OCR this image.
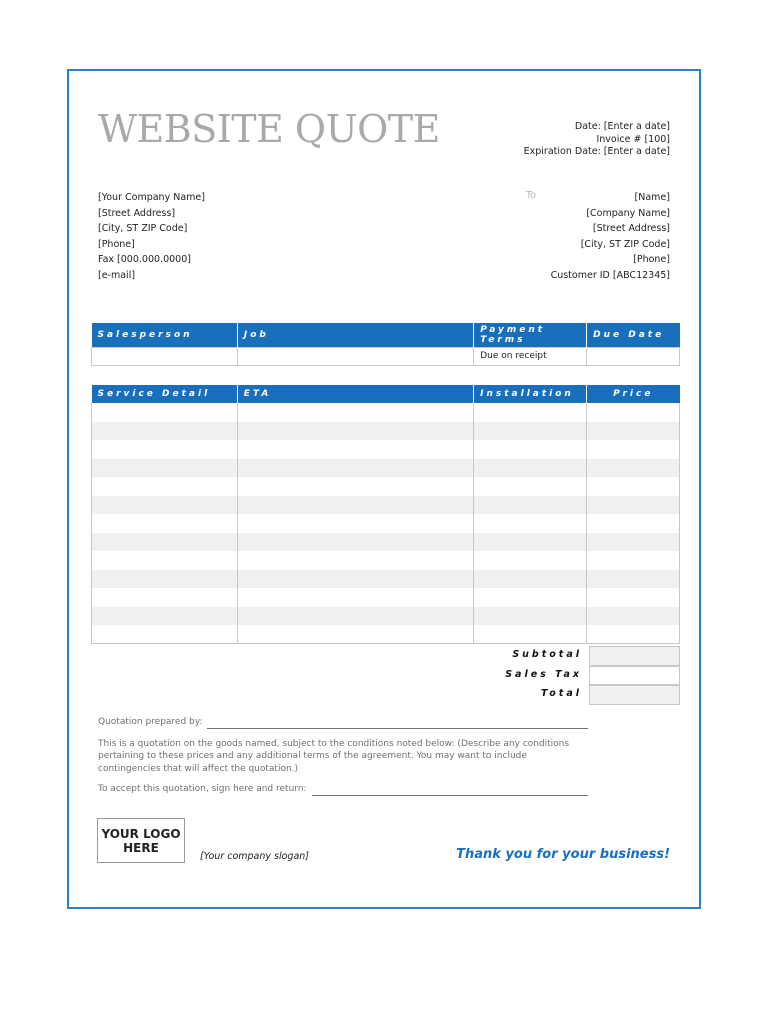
WEBSITE QUOTE	Date: [Enter a date]
Invoice # [100]
Expiration Date: [Enter a date]
[Your Company Name]
[Street Address]
[City, ST ZIP Code]
[Phone]
Fax [000.000.0000]
[e-mail]
To	[Name]
[Company Name]
[Street Address]
[City, ST ZIP Code]
[Phone]
Customer ID [ABC12345]
Salesperson	Job	Payment Terms	Due Date
		Due on receipt	
Service Detail	ETA	Installation	Price

Subtotal
Sales Tax
Total
Quotation prepared by:
This is a quotation on the goods named, subject to the conditions noted below: (Describe any conditions pertaining to these prices and any additional terms of the agreement. You may want to include contingencies that will affect the quotation.)
To accept this quotation, sign here and return:
YOUR LOGO
HERE
[Your company slogan]	Thank you for your business!
